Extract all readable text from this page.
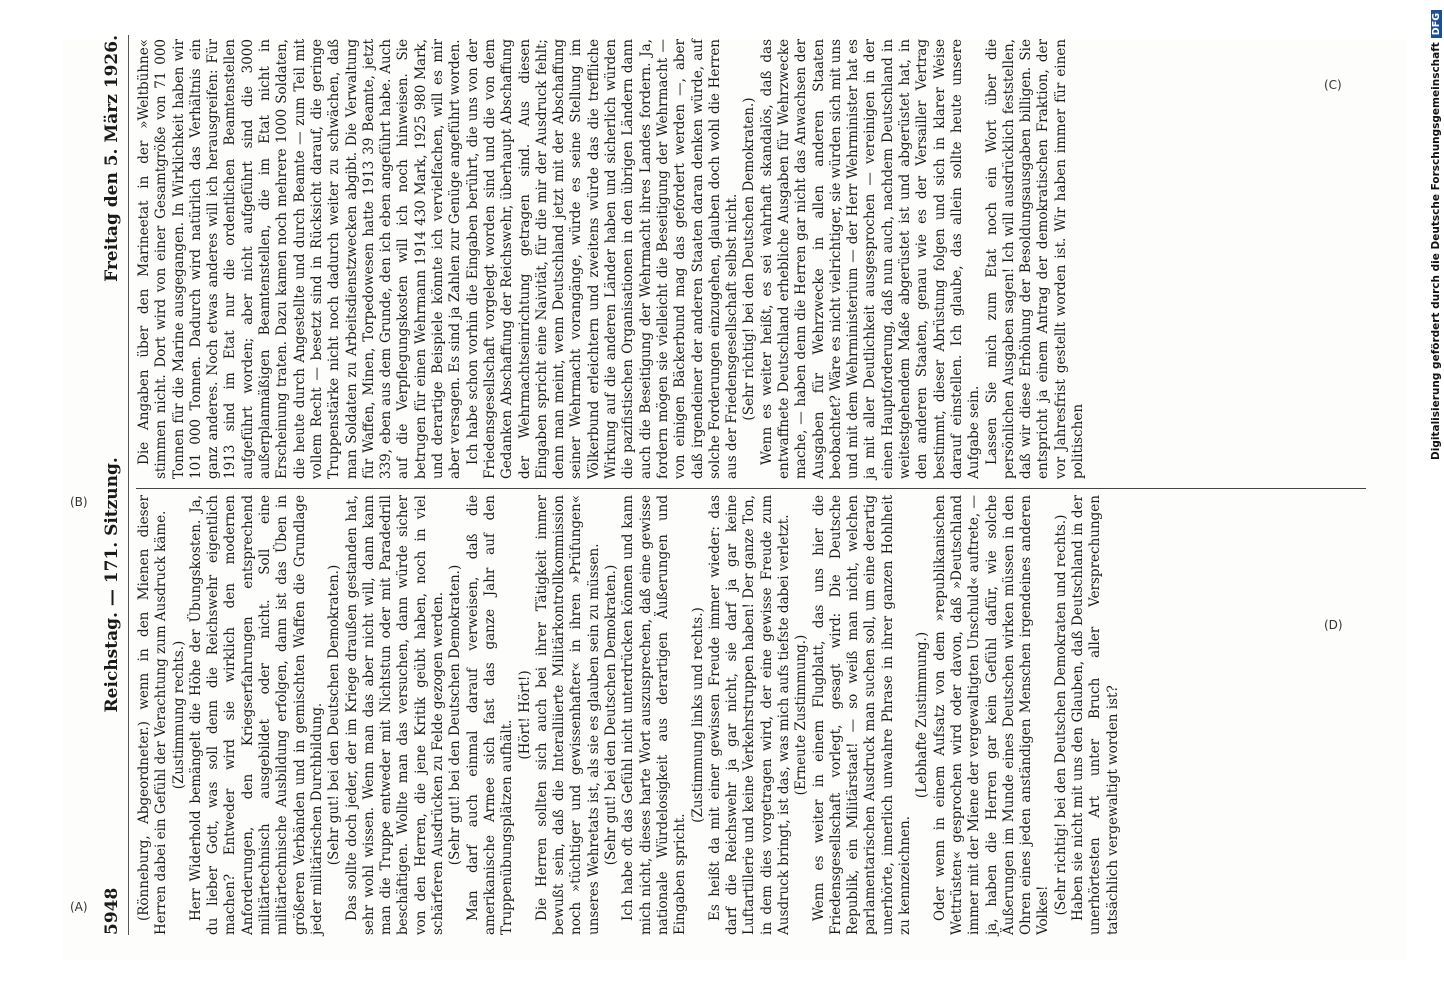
5948
Reichstag. — 171. Sitzung.
Freitag den 5. März 1926.

(Rönneburg, Abgeordneter.) wenn in den Mienen dieser Herren dabei ein Gefühl der Verachtung zum Ausdruck käme. (Zustimmung rechts.) Herr Widerhold bemängelt die Höhe der Übungskosten. Ja, du lieber Gott, was soll denn die Reichswehr eigentlich machen? Entweder wird sie wirklich den modernen Anforderungen, den Kriegserfahrungen entsprechend militärtechnisch ausgebildet oder nicht. Soll eine militärtechnische Ausbildung erfolgen, dann ist das Üben in größeren Verbänden und in gemischten Waffen die Grundlage jeder militärischen Durchbildung. (Sehr gut! bei den Deutschen Demokraten.) Das sollte doch jeder, der im Kriege draußen gestanden hat, sehr wohl wissen. Wenn man das aber nicht will, dann kann man die Truppe entweder mit Nichtstun oder mit Paradedrill beschäftigen. Wollte man das versuchen, dann würde sicher von den Herren, die jene Kritik geübt haben, noch in viel schärferen Ausdrücken zu Felde gezogen werden. (Sehr gut! bei den Deutschen Demokraten.) Man darf auch einmal darauf verweisen, daß die amerikanische Armee sich fast das ganze Jahr auf den Truppenübungsplätzen aufhält.

(Hört! Hört!) Die Herren sollten sich auch bei ihrer Tätigkeit immer bewußt sein, daß die Interalliierte Militärkontrollkommission noch »tüchtiger und gewissenhafter« in ihren »Prüfungen« unseres Wehretats ist, als sie es glauben sein zu müssen. (Sehr gut! bei den Deutschen Demokraten.) Ich habe oft das Gefühl nicht unterdrücken können und kann mich nicht, dieses harte Wort auszusprechen, daß eine gewisse nationale Würdelosigkeit aus derartigen Äußerungen und Eingaben spricht.

(Zustimmung links und rechts.) Es heißt da mit einer gewissen Freude immer wieder: das darf die Reichswehr ja gar nicht, sie darf ja gar keine Luftartillerie und keine Verkehrstruppen haben! Der ganze Ton, in dem dies vorgetragen wird, der eine gewisse Freude zum Ausdruck bringt, ist das, was mich aufs tiefste dabei verletzt. (Erneute Zustimmung.) Wenn es weiter in einem Flugblatt, das uns hier die Friedensgesellschaft vorlegt, gesagt wird: Die Deutsche Republik, ein Militärstaat! — so weiß man nicht, welchen parlamentarischen Ausdruck man suchen soll, um eine derartig unerhörte, innerlich unwahre Phrase in ihrer ganzen Hohlheit zu kennzeichnen.

(Lebhafte Zustimmung.) Oder wenn in einem Aufsatz von dem »republikanischen Wettrüsten« gesprochen wird oder davon, daß »Deutschland immer mit der Miene der vergewaltigten Unschuld« auftrete, — ja, haben die Herren gar kein Gefühl dafür, wie solche Äußerungen im Munde eines Deutschen wirken müssen in den Ohren eines jeden anständigen Menschen irgendeines anderen Volkes! (Sehr richtig! bei den Deutschen Demokraten und rechts.) Haben sie nicht mit uns den Glauben, daß Deutschland in der unerhörtesten Art unter Bruch aller Versprechungen tatsächlich vergewaltigt worden ist?

Die Angaben über den Marineetat in der »Weltbühne« stimmen nicht. Dort wird von einer Gesamtgröße von 71 000 Tonnen für die Marine ausgegangen. In Wirklichkeit haben wir 101 000 Tonnen. Dadurch wird natürlich das Verhältnis ein ganz anderes. Noch etwas anderes will ich herausgreifen: Für 1913 sind im Etat nur die ordentlichen Beamtenstellen aufgeführt worden; aber nicht aufgeführt sind die 3000 außerplanmäßigen Beamtenstellen, die im Etat nicht in Erscheinung traten. Dazu kamen noch mehrere 1000 Soldaten, die heute durch Angestellte und durch Beamte — zum Teil mit vollem Recht — besetzt sind in Rücksicht darauf, die geringe Truppenstärke nicht noch dadurch weiter zu schwächen, daß man Soldaten zu Arbeitsdienstzwecken abgibt. Die Verwaltung für Waffen, Minen, Torpedowesen hatte 1913 39 Beamte, jetzt 339, eben aus dem Grunde, den ich eben angeführt habe. Auch auf die Verpflegungskosten will ich noch hinweisen. Sie betrugen für einen Wehrmann 1914 430 Mark, 1925 980 Mark, und derartige Beispiele könnte ich vervielfachen, will es mir aber versagen. Es sind ja Zahlen zur Genüge angeführt worden. Ich habe schon vorhin die Eingaben berührt, die uns von der Friedensgesellschaft vorgelegt worden sind und die von dem Gedanken Abschaffung der Reichswehr, überhaupt Abschaffung der Wehrmachtseinrichtung getragen sind. Aus diesen Eingaben spricht eine Naivität, für die mir der Ausdruck fehlt; denn man meint, wenn Deutschland jetzt mit der Abschaffung seiner Wehrmacht vorangänge, würde es seine Stellung im Völkerbund erleichtern und zweitens würde das die treffliche Wirkung auf die anderen Länder haben und sicherlich würden die pazifistischen Organisationen in den übrigen Ländern dann auch die Beseitigung der Wehrmacht ihres Landes fordern. Ja, fordern mögen sie vielleicht die Beseitigung der Wehrmacht — von einigen Bäckerbund mag das gefordert werden —, aber daß irgendeiner der anderen Staaten daran denken würde, auf solche Forderungen einzugehen, glauben doch wohl die Herren aus der Friedensgesellschaft selbst nicht. (Sehr richtig! bei den Deutschen Demokraten.) Wenn es weiter heißt, es sei wahrhaft skandalös, daß das entwaffnete Deutschland erhebliche Ausgaben für Wehrzwecke mache, — haben denn die Herren gar nicht das Anwachsen der Ausgaben für Wehrzwecke in allen anderen Staaten beobachtet? Wäre es nicht vielrichtiger, sie würden sich mit uns und mit dem Wehrministerium — der Herr Wehrminister hat es ja mit aller Deutlichkeit ausgesprochen — vereinigen in der einen Hauptforderung, daß nun auch, nachdem Deutschland in weitestgehendem Maße abgerüstet ist und abgerüstet hat, in den anderen Staaten, genau wie es der Versailler Vertrag bestimmt, dieser Abrüstung folgen und sich in klarer Weise darauf einstellen. Ich glaube, das allein sollte heute unsere Aufgabe sein. Lassen Sie mich zum Etat noch ein Wort über die persönlichen Ausgaben sagen! Ich will ausdrücklich feststellen, daß wir diese Erhöhung der Besoldungsausgaben billigen. Sie entspricht ja einem Antrag der demokratischen Fraktion, der vor Jahresfrist gestellt worden ist. Wir haben immer für einen politischen

(A)
(B)
(C)
(D)
Digitalisierung gefördert durch die Deutsche ForschungsgemeinschaftDFG
